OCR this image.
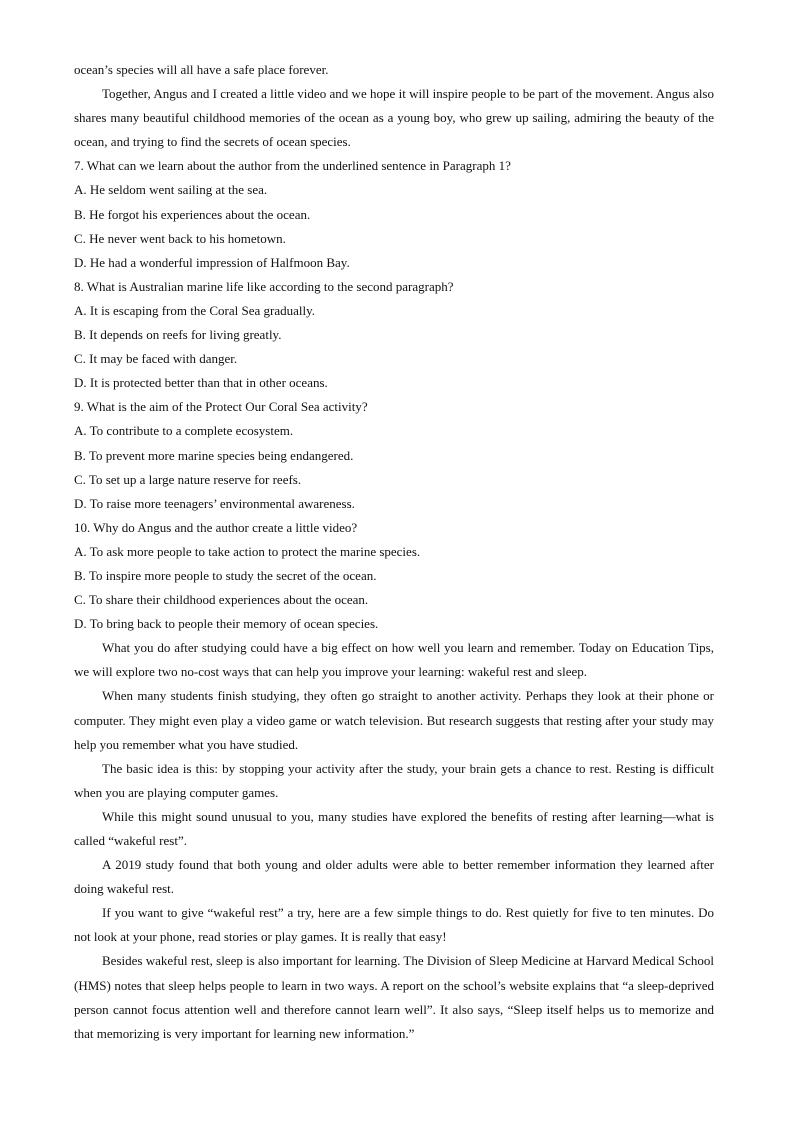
ocean’s species will all have a safe place forever.

Together, Angus and I created a little video and we hope it will inspire people to be part of the movement. Angus also shares many beautiful childhood memories of the ocean as a young boy, who grew up sailing, admiring the beauty of the ocean, and trying to find the secrets of ocean species.

7. What can we learn about the author from the underlined sentence in Paragraph 1?

A. He seldom went sailing at the sea.

B. He forgot his experiences about the ocean.

C. He never went back to his hometown.

D. He had a wonderful impression of Halfmoon Bay.

8. What is Australian marine life like according to the second paragraph?

A. It is escaping from the Coral Sea gradually.

B. It depends on reefs for living greatly.

C. It may be faced with danger.

D. It is protected better than that in other oceans.

9. What is the aim of the Protect Our Coral Sea activity?

A. To contribute to a complete ecosystem.

B. To prevent more marine species being endangered.

C. To set up a large nature reserve for reefs.

D. To raise more teenagers’ environmental awareness.

10. Why do Angus and the author create a little video?

A. To ask more people to take action to protect the marine species.

B. To inspire more people to study the secret of the ocean.

C. To share their childhood experiences about the ocean.

D. To bring back to people their memory of ocean species.

What you do after studying could have a big effect on how well you learn and remember. Today on Education Tips, we will explore two no-cost ways that can help you improve your learning: wakeful rest and sleep.

When many students finish studying, they often go straight to another activity. Perhaps they look at their phone or computer. They might even play a video game or watch television. But research suggests that resting after your study may help you remember what you have studied.

The basic idea is this: by stopping your activity after the study, your brain gets a chance to rest. Resting is difficult when you are playing computer games.

While this might sound unusual to you, many studies have explored the benefits of resting after learning—what is called “wakeful rest”.

A 2019 study found that both young and older adults were able to better remember information they learned after doing wakeful rest.

If you want to give “wakeful rest” a try, here are a few simple things to do. Rest quietly for five to ten minutes. Do not look at your phone, read stories or play games. It is really that easy!

Besides wakeful rest, sleep is also important for learning. The Division of Sleep Medicine at Harvard Medical School (HMS) notes that sleep helps people to learn in two ways. A report on the school’s website explains that “a sleep-deprived person cannot focus attention well and therefore cannot learn well”. It also says, “Sleep itself helps us to memorize and that memorizing is very important for learning new information.”
